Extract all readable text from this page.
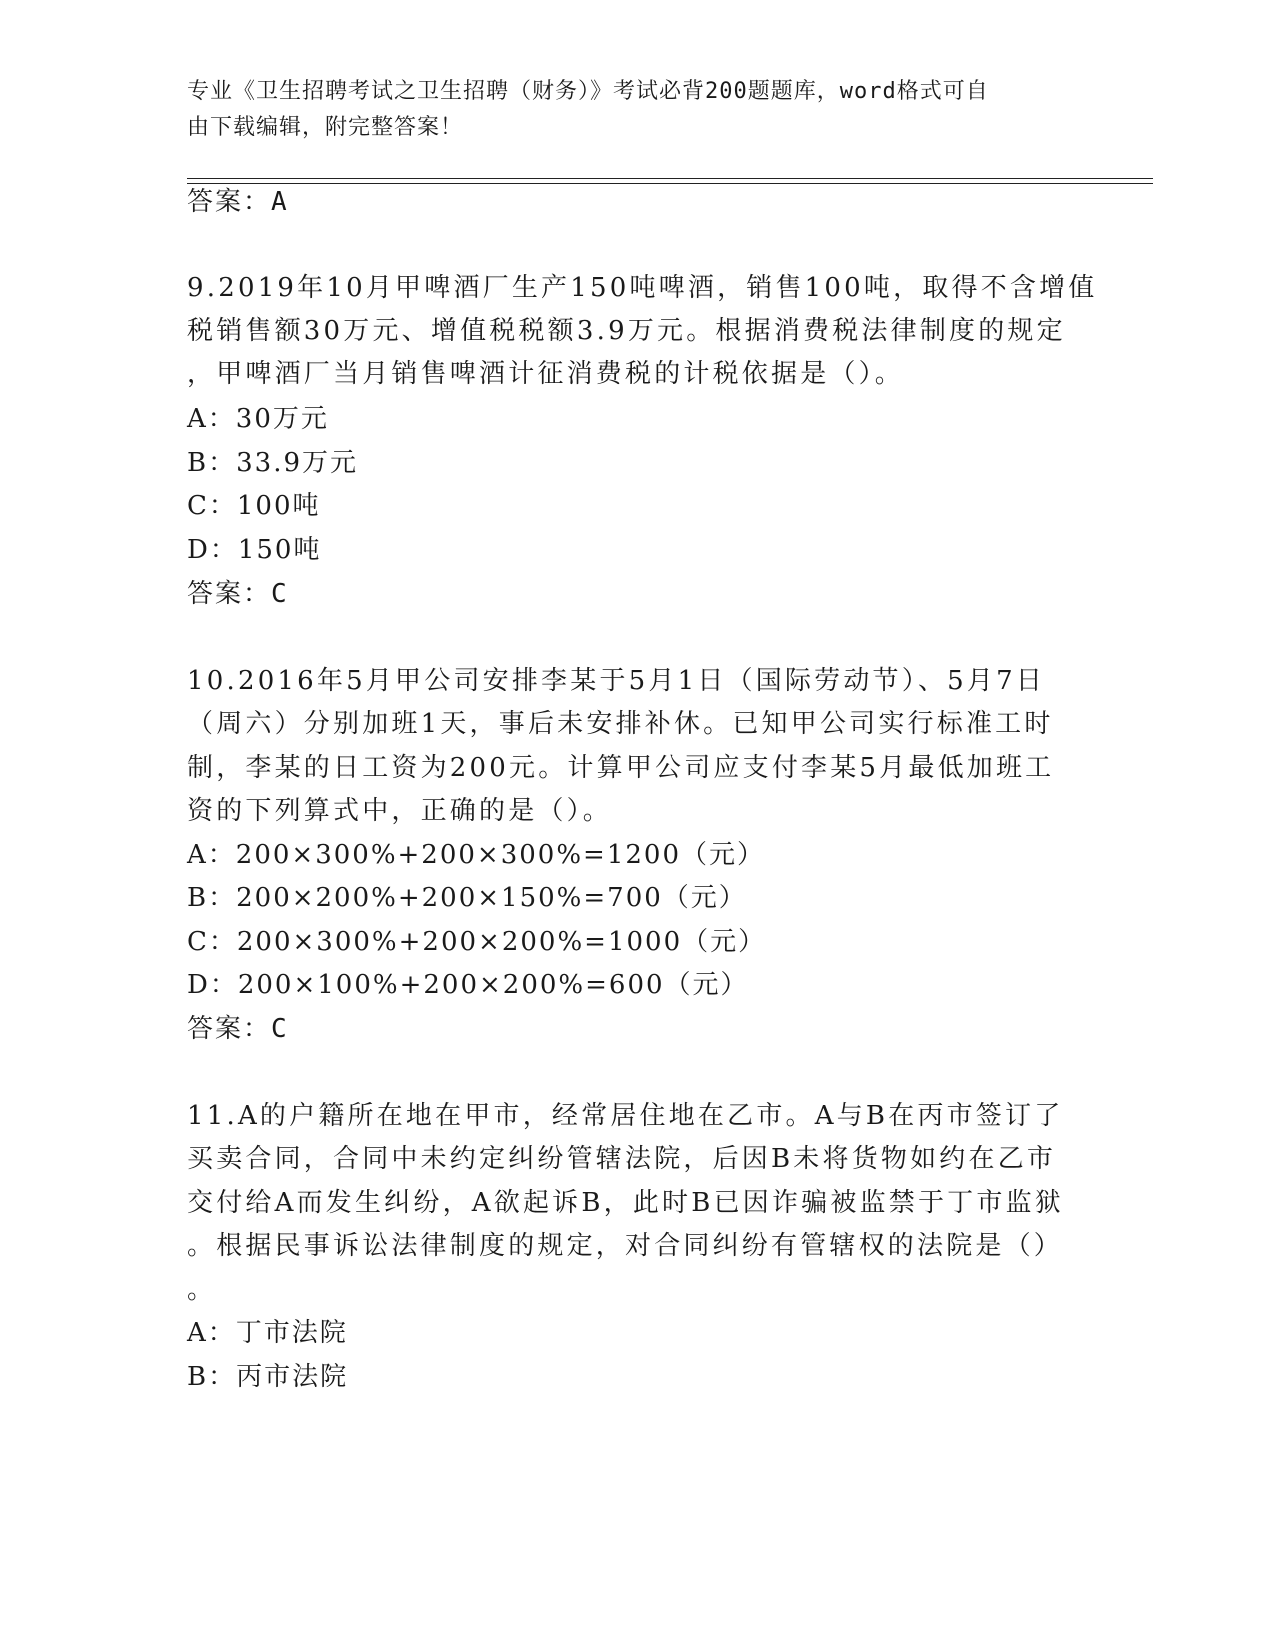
专业《卫生招聘考试之卫生招聘（财务）》考试必背200题题库，word格式可自
由下载编辑，附完整答案！
答案：A
9.2019年10月甲啤酒厂生产150吨啤酒，销售100吨，取得不含增值
税销售额30万元、增值税税额3.9万元。根据消费税法律制度的规定
，甲啤酒厂当月销售啤酒计征消费税的计税依据是（）。
A：30万元
B：33.9万元
C：100吨
D：150吨
答案：C
10.2016年5月甲公司安排李某于5月1日（国际劳动节）、5月7日
（周六）分别加班1天，事后未安排补休。已知甲公司实行标准工时
制，李某的日工资为200元。计算甲公司应支付李某5月最低加班工
资的下列算式中，正确的是（）。
A：200×300%+200×300%=1200（元）
B：200×200%+200×150%=700（元）
C：200×300%+200×200%=1000（元）
D：200×100%+200×200%=600（元）
答案：C
11.A的户籍所在地在甲市，经常居住地在乙市。A与B在丙市签订了
买卖合同，合同中未约定纠纷管辖法院，后因B未将货物如约在乙市
交付给A而发生纠纷，A欲起诉B，此时B已因诈骗被监禁于丁市监狱
。根据民事诉讼法律制度的规定，对合同纠纷有管辖权的法院是（）
。
A：丁市法院
B：丙市法院
